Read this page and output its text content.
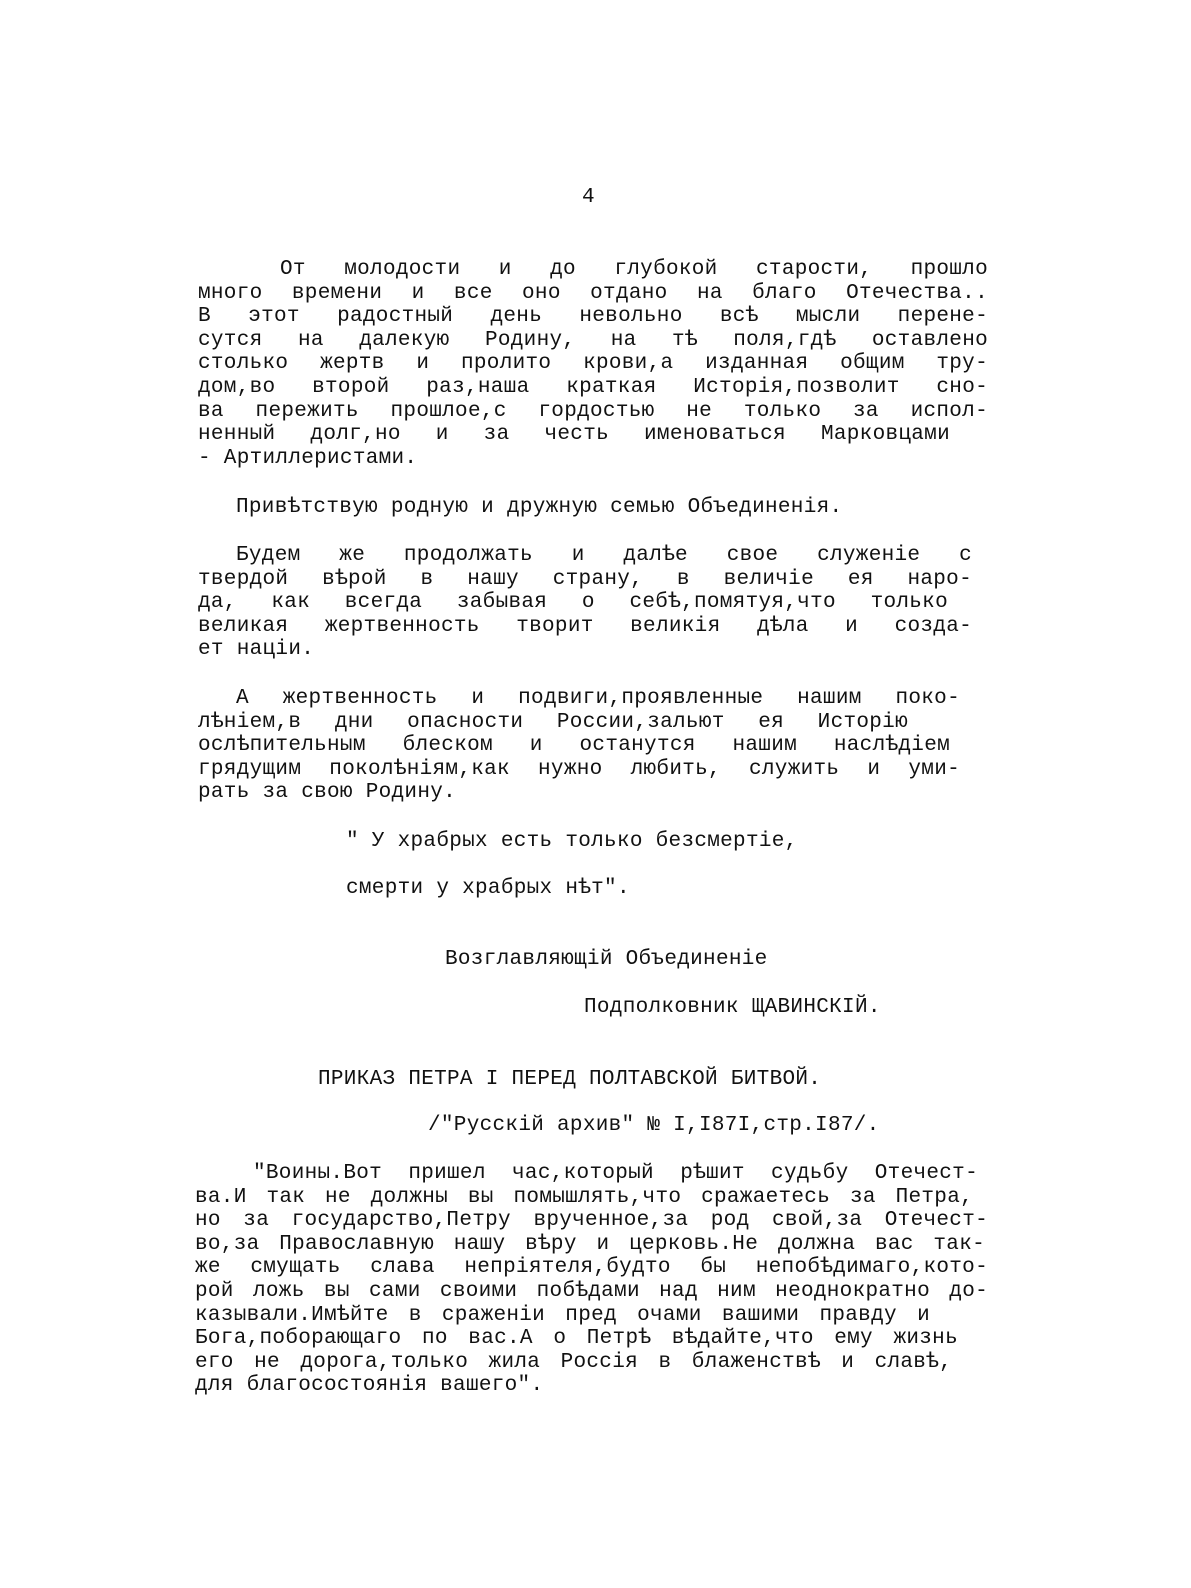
4
От молодости и до глубокой старости, прошло
много времени и все оно отдано на благо Отечества..
В этот радостный день невольно всѣ мысли перене-
сутся на далекую Родину, на тѣ поля,гдѣ оставлено
столько жертв и пролито крови,а изданная общим тру-
дом,во второй раз,наша краткая Исторія,позволит сно-
ва пережить прошлое,с гордостью не только за испол-
ненный долг,но и за честь именоваться Марковцами
- Артиллеристами.
Привѣтствую родную и дружную семью Объединенія.
Будем же продолжать и далѣе свое служеніе с
твердой вѣрой в нашу страну, в величіе ея наро-
да, как всегда забывая о себѣ,помятуя,что только
великая жертвенность творит великія дѣла и созда-
ет націи.
А жертвенность и подвиги,проявленные нашим поко-
лѣніем,в дни опасности России,зальют ея Исторію
ослѣпительным блеском и останутся нашим наслѣдіем
грядущим поколѣніям,как нужно любить, служить и уми-
рать за свою Родину.
" У храбрых есть только безсмертіе,
смерти у храбрых нѣт".
Возглавляющій Объединеніе
Подполковник ЩАВИНСКІЙ.
ПРИКАЗ ПЕТРА I ПЕРЕД ПОЛТАВСКОЙ БИТВОЙ.
/"Русскій архив" № I,I87I,стр.I87/.
"Воины.Вот пришел час,который рѣшит судьбу Отечест-
ва.И так не должны вы помышлять,что сражаетесь за Петра,
но за государство,Петру врученное,за род свой,за Отечест-
во,за Православную нашу вѣру и церковь.Не должна вас так-
же смущать слава непріятеля,будто бы непобѣдимаго,кото-
рой ложь вы сами своими побѣдами над ним неоднократно до-
казывали.Имѣйте в сраженіи пред очами вашими правду и
Бога,поборающаго по вас.А о Петрѣ вѣдайте,что ему жизнь
его не дорога,только жила Россія в блаженствѣ и славѣ,
для благосостоянія вашего".
